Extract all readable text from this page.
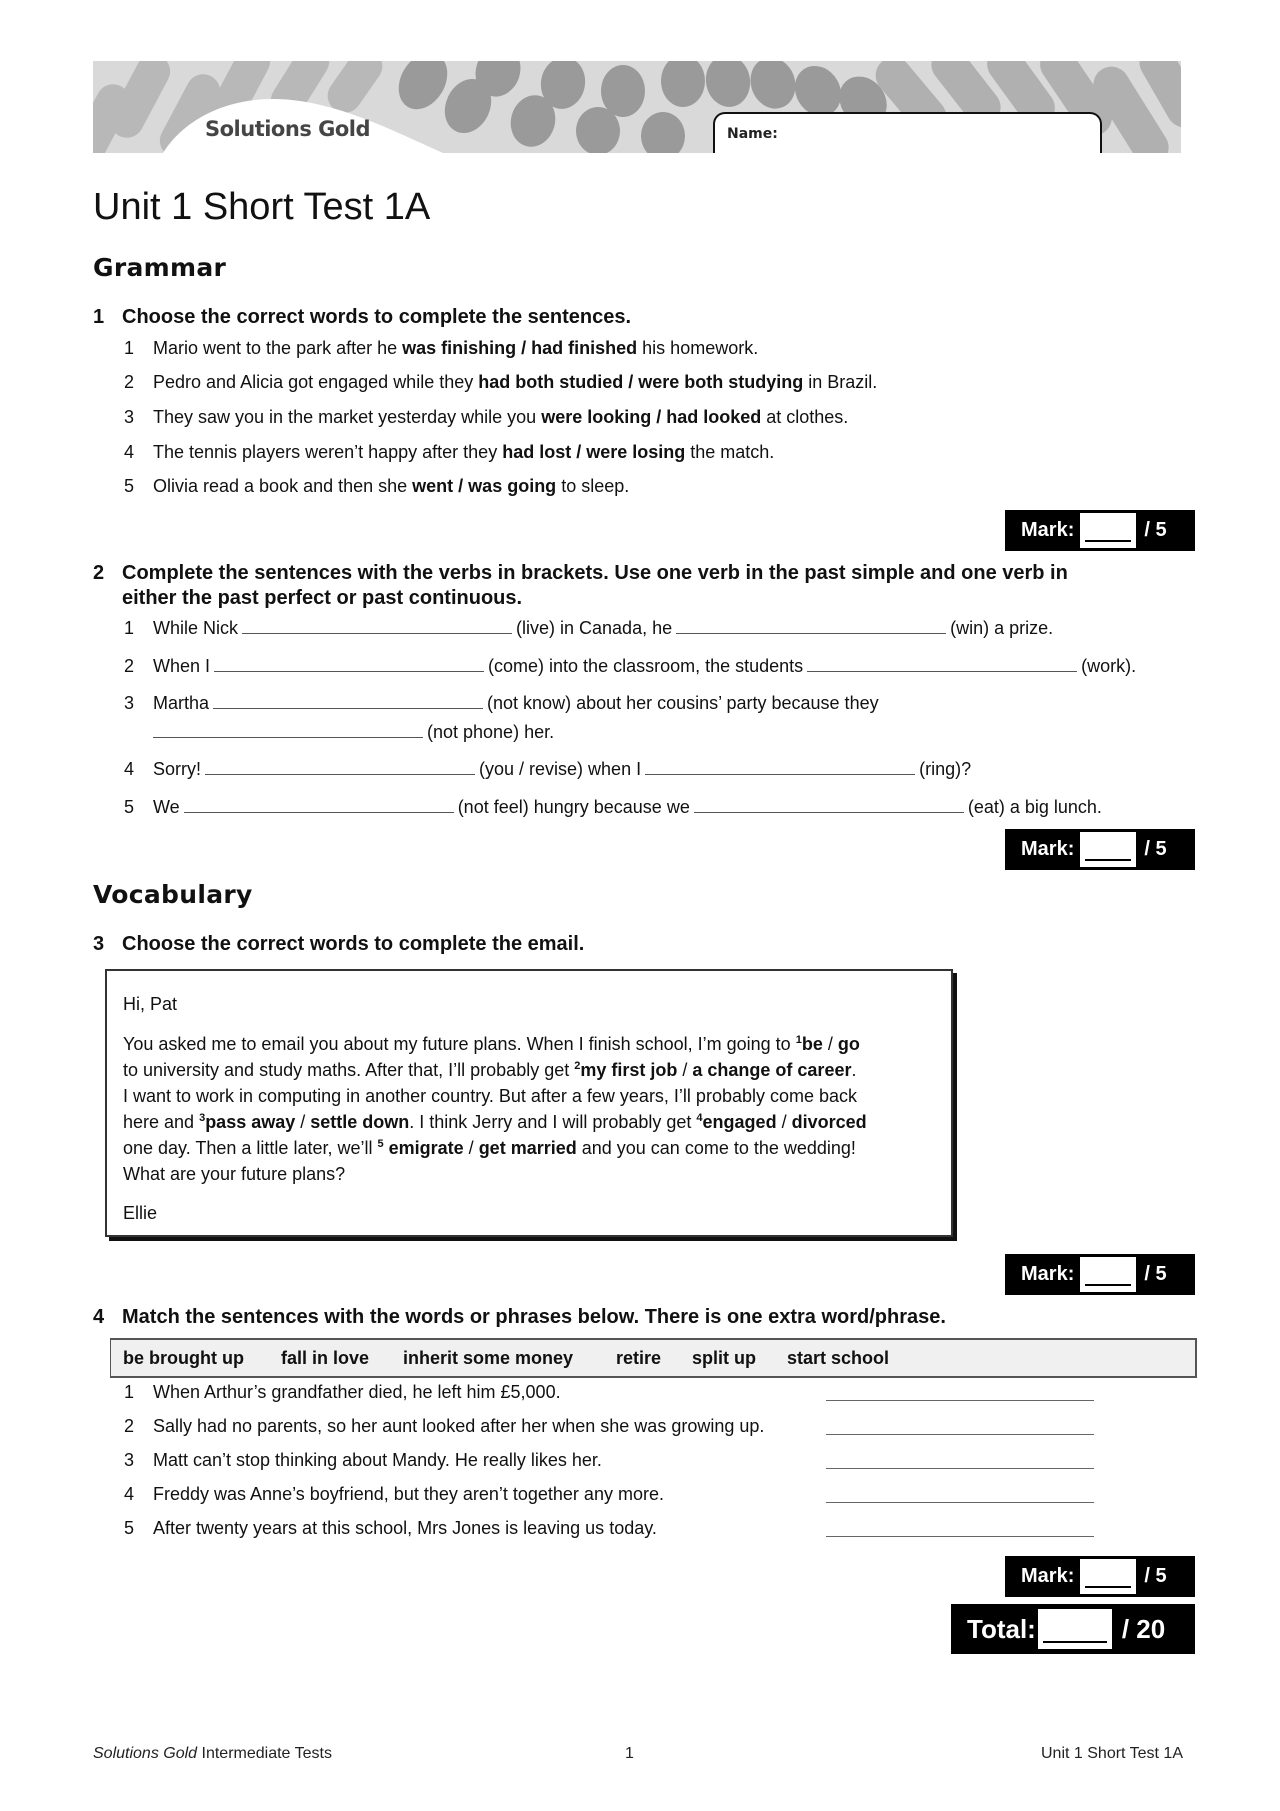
Solutions Gold	Name:
Unit 1 Short Test 1A
Grammar
1 Choose the correct words to complete the sentences.
1 Mario went to the park after he was finishing / had finished his homework.
2 Pedro and Alicia got engaged while they had both studied / were both studying in Brazil.
3 They saw you in the market yesterday while you were looking / had looked at clothes.
4 The tennis players weren’t happy after they had lost / were losing the match.
5 Olivia read a book and then she went / was going to sleep.
Mark:	/ 5
2 Complete the sentences with the verbs in brackets. Use one verb in the past simple and one verb in
either the past perfect or past continuous.
1 While Nick	(live) in Canada, he	(win) a prize.
2 When I	(come) into the classroom, the students	(work).
3 Martha	(not know) about her cousins’ party because they
(not phone) her.
4 Sorry!	(you / revise) when I	(ring)?
5 We	(not feel) hungry because we	(eat) a big lunch.
Mark:	/ 5
Vocabulary
3 Choose the correct words to complete the email.

Hi, Pat

You asked me to email you about my future plans. When I finish school, I’m going to $^1$be / go

to university and study maths. After that, I’ll probably get $^2$my first job / a change of career.

I want to work in computing in another country. But after a few years, I’ll probably come back

here and $^3$pass away / settle down. I think Jerry and I will probably get $^4$engaged / divorced

one day. Then a little later, we’ll $^5$ emigrate / get married and you can come to the wedding!

What are your future plans?

Ellie

Mark:	/ 5
4 Match the sentences with the words or phrases below. There is one extra word/phrase.
be brought up fall in love inherit some money retire split up start school
1 When Arthur’s grandfather died, he left him £5,000.
2 Sally had no parents, so her aunt looked after her when she was growing up.
3 Matt can’t stop thinking about Mandy. He really likes her.
4 Freddy was Anne’s boyfriend, but they aren’t together any more.
5 After twenty years at this school, Mrs Jones is leaving us today.
Mark:	/ 5
Total:	/ 20
Solutions Gold Intermediate Tests	1	Unit 1 Short Test 1A
